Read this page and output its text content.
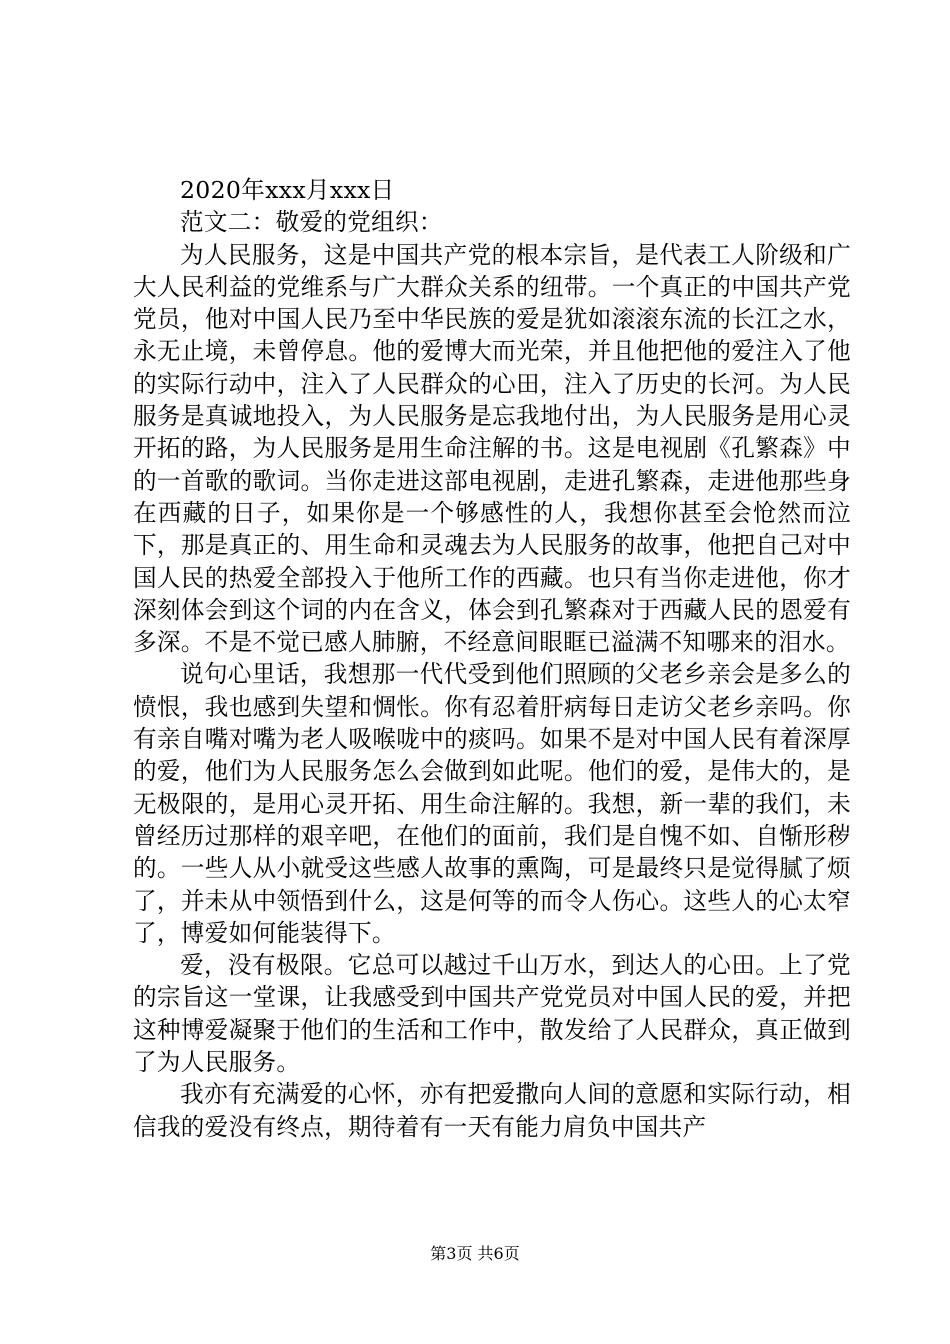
2020年xxx月xxx日

范文二：敬爱的党组织：

为人民服务，这是中国共产党的根本宗旨，是代表工人阶级和广大人民利益的党维系与广大群众关系的纽带。一个真正的中国共产党党员，他对中国人民乃至中华民族的爱是犹如滚滚东流的长江之水，永无止境，未曾停息。他的爱博大而光荣，并且他把他的爱注入了他的实际行动中，注入了人民群众的心田，注入了历史的长河。为人民服务是真诚地投入，为人民服务是忘我地付出，为人民服务是用心灵开拓的路，为人民服务是用生命注解的书。这是电视剧《孔繁森》中的一首歌的歌词。当你走进这部电视剧，走进孔繁森，走进他那些身在西藏的日子，如果你是一个够感性的人，我想你甚至会怆然而泣下，那是真正的、用生命和灵魂去为人民服务的故事，他把自己对中国人民的热爱全部投入于他所工作的西藏。也只有当你走进他，你才深刻体会到这个词的内在含义，体会到孔繁森对于西藏人民的恩爱有多深。不是不觉已感人肺腑，不经意间眼眶已溢满不知哪来的泪水。

说句心里话，我想那一代代受到他们照顾的父老乡亲会是多么的愤恨，我也感到失望和惆怅。你有忍着肝病每日走访父老乡亲吗。你有亲自嘴对嘴为老人吸喉咙中的痰吗。如果不是对中国人民有着深厚的爱，他们为人民服务怎么会做到如此呢。他们的爱，是伟大的，是无极限的，是用心灵开拓、用生命注解的。我想，新一辈的我们，未曾经历过那样的艰辛吧，在他们的面前，我们是自愧不如、自惭形秽的。一些人从小就受这些感人故事的熏陶，可是最终只是觉得腻了烦了，并未从中领悟到什么，这是何等的而令人伤心。这些人的心太窄了，博爱如何能装得下。

爱，没有极限。它总可以越过千山万水，到达人的心田。上了党的宗旨这一堂课，让我感受到中国共产党党员对中国人民的爱，并把这种博爱凝聚于他们的生活和工作中，散发给了人民群众，真正做到了为人民服务。

我亦有充满爱的心怀，亦有把爱撒向人间的意愿和实际行动，相信我的爱没有终点，期待着有一天有能力肩负中国共产

第3页 共6页
